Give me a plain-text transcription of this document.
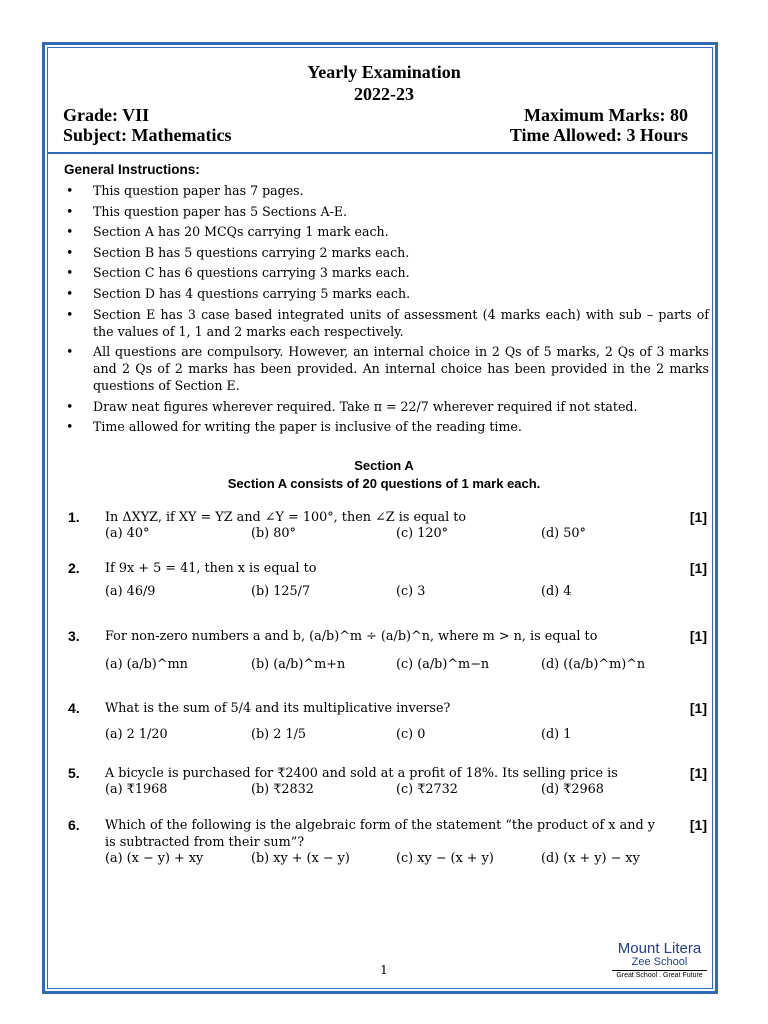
Yearly Examination
2022-23
Grade: VII
Subject: Mathematics
Maximum Marks: 80
Time Allowed: 3 Hours
General Instructions:
• This question paper has 7 pages.
• This question paper has 5 Sections A-E.
• Section A has 20 MCQs carrying 1 mark each.
• Section B has 5 questions carrying 2 marks each.
• Section C has 6 questions carrying 3 marks each.
• Section D has 4 questions carrying 5 marks each.
• Section E has 3 case based integrated units of assessment (4 marks each) with sub – parts of the values of 1, 1 and 2 marks each respectively.
• All questions are compulsory. However, an internal choice in 2 Qs of 5 marks, 2 Qs of 3 marks and 2 Qs of 2 marks has been provided. An internal choice has been provided in the 2 marks questions of Section E.
• Draw neat figures wherever required. Take π = 22/7 wherever required if not stated.
• Time allowed for writing the paper is inclusive of the reading time.
Section A
Section A consists of 20 questions of 1 mark each.
1. In ΔXYZ, if XY = YZ and ∠Y = 100°, then ∠Z is equal to	[1]
(a) 40°	(b) 80°	(c) 120°	(d) 50°
2. If 9x + 5 = 41, then x is equal to	[1]
(a) 46/9	(b) 125/7	(c) 3	(d) 4
3. For non-zero numbers a and b, (a/b)^m ÷ (a/b)^n, where m > n, is equal to	[1]
(a) (a/b)^mn	(b) (a/b)^m+n	(c) (a/b)^m−n	(d) ((a/b)^m)^n
4. What is the sum of 5/4 and its multiplicative inverse?	[1]
(a) 2 1/20	(b) 2 1/5	(c) 0	(d) 1
5. A bicycle is purchased for ₹2400 and sold at a profit of 18%. Its selling price is	[1]
(a) ₹1968	(b) ₹2832	(c) ₹2732	(d) ₹2968
6. Which of the following is the algebraic form of the statement “the product of x and y is subtracted from their sum”?
[1]
(a) (x − y) + xy	(b) xy + (x − y)	(c) xy − (x + y)	(d) (x + y) − xy
1
Mount Litera
Zee School
Great School . Great Future
